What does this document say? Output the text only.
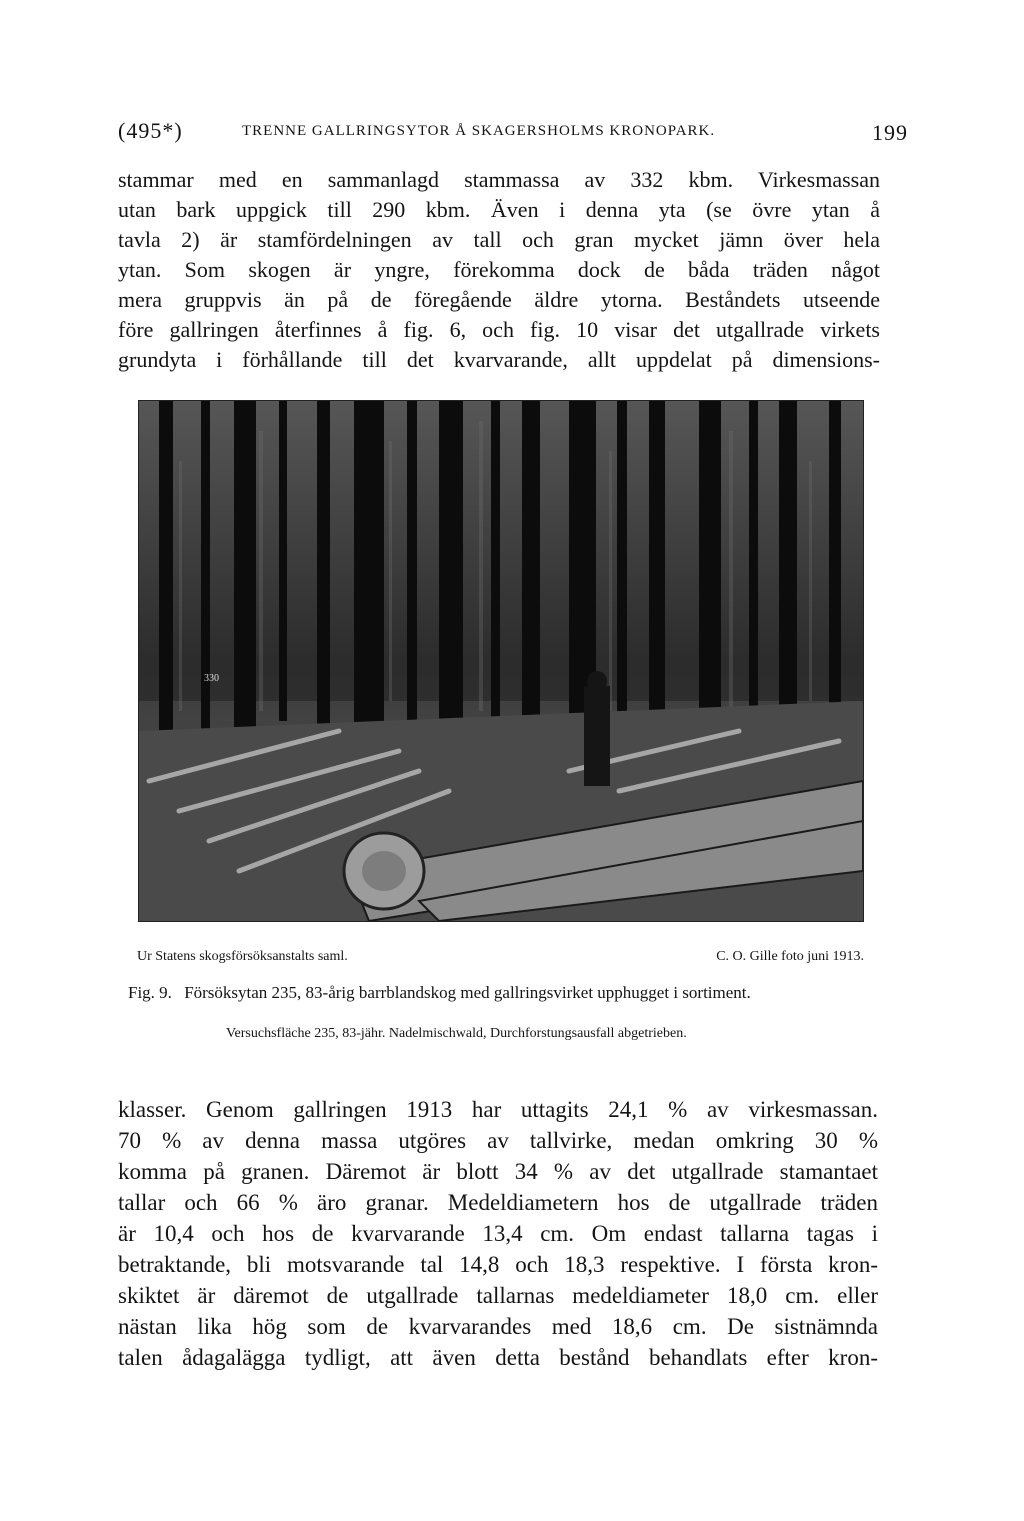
(495*)	TRENNE GALLRINGSYTOR Å SKAGERSHOLMS KRONOPARK.	199
stammar med en sammanlagd stammassa av 332 kbm. Virkesmassan
utan bark uppgick till 290 kbm. Även i denna yta (se övre ytan å
tavla 2) är stamfördelningen av tall och gran mycket jämn över hela
ytan. Som skogen är yngre, förekomma dock de båda träden något
mera gruppvis än på de föregående äldre ytorna. Beståndets utseende
före gallringen återfinnes å fig. 6, och fig. 10 visar det utgallrade virkets
grundyta i förhållande till det kvarvarande, allt uppdelat på dimensions-
330
Ur Statens skogsförsöksanstalts saml.	C. O. Gille foto juni 1913.
Fig. 9. Försöksytan 235, 83-årig barrblandskog med gallringsvirket upphugget i sortiment.
Versuchsfläche 235, 83-jähr. Nadelmischwald, Durchforstungsausfall abgetrieben.
klasser. Genom gallringen 1913 har uttagits 24,1 % av virkesmassan.
70 % av denna massa utgöres av tallvirke, medan omkring 30 %
komma på granen. Däremot är blott 34 % av det utgallrade stamantaet
tallar och 66 % äro granar. Medeldiametern hos de utgallrade träden
är 10,4 och hos de kvarvarande 13,4 cm. Om endast tallarna tagas i
betraktande, bli motsvarande tal 14,8 och 18,3 respektive. I första kron-
skiktet är däremot de utgallrade tallarnas medeldiameter 18,0 cm. eller
nästan lika hög som de kvarvarandes med 18,6 cm. De sistnämnda
talen ådagalägga tydligt, att även detta bestånd behandlats efter kron-
